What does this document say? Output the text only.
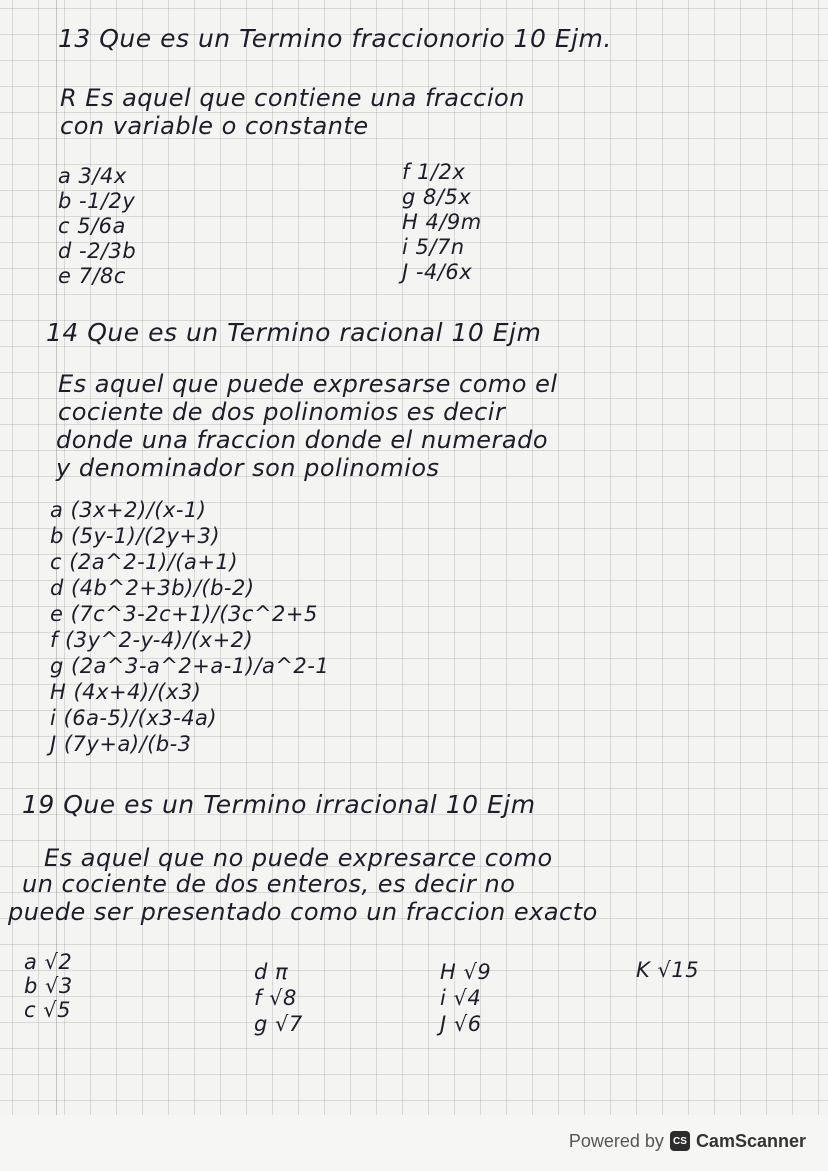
13 Que es un Termino fraccionorio 10 Ejm.
R Es aquel que contiene una fraccion
con variable o constante
a 3/4x
b -1/2y
c 5/6a
d -2/3b
e 7/8c
f 1/2x
g 8/5x
H 4/9m
i 5/7n
J -4/6x
14 Que es un Termino racional 10 Ejm
Es aquel que puede expresarse como el
cociente de dos polinomios es decir
donde una fraccion donde el numerado
y denominador son polinomios
a (3x+2)/(x-1)
b (5y-1)/(2y+3)
c (2a^2-1)/(a+1)
d (4b^2+3b)/(b-2)
e (7c^3-2c+1)/(3c^2+5
f (3y^2-y-4)/(x+2)
g (2a^3-a^2+a-1)/a^2-1
H (4x+4)/(x3)
i (6a-5)/(x3-4a)
J (7y+a)/(b-3
19 Que es un Termino irracional 10 Ejm
Es aquel que no puede expresarce como
un cociente de dos enteros, es decir no
puede ser presentado como un fraccion exacto
a √2
b √3
c √5
d π
f √8
g √7
H √9
i √4
J √6
K √15
Powered by CS CamScanner
